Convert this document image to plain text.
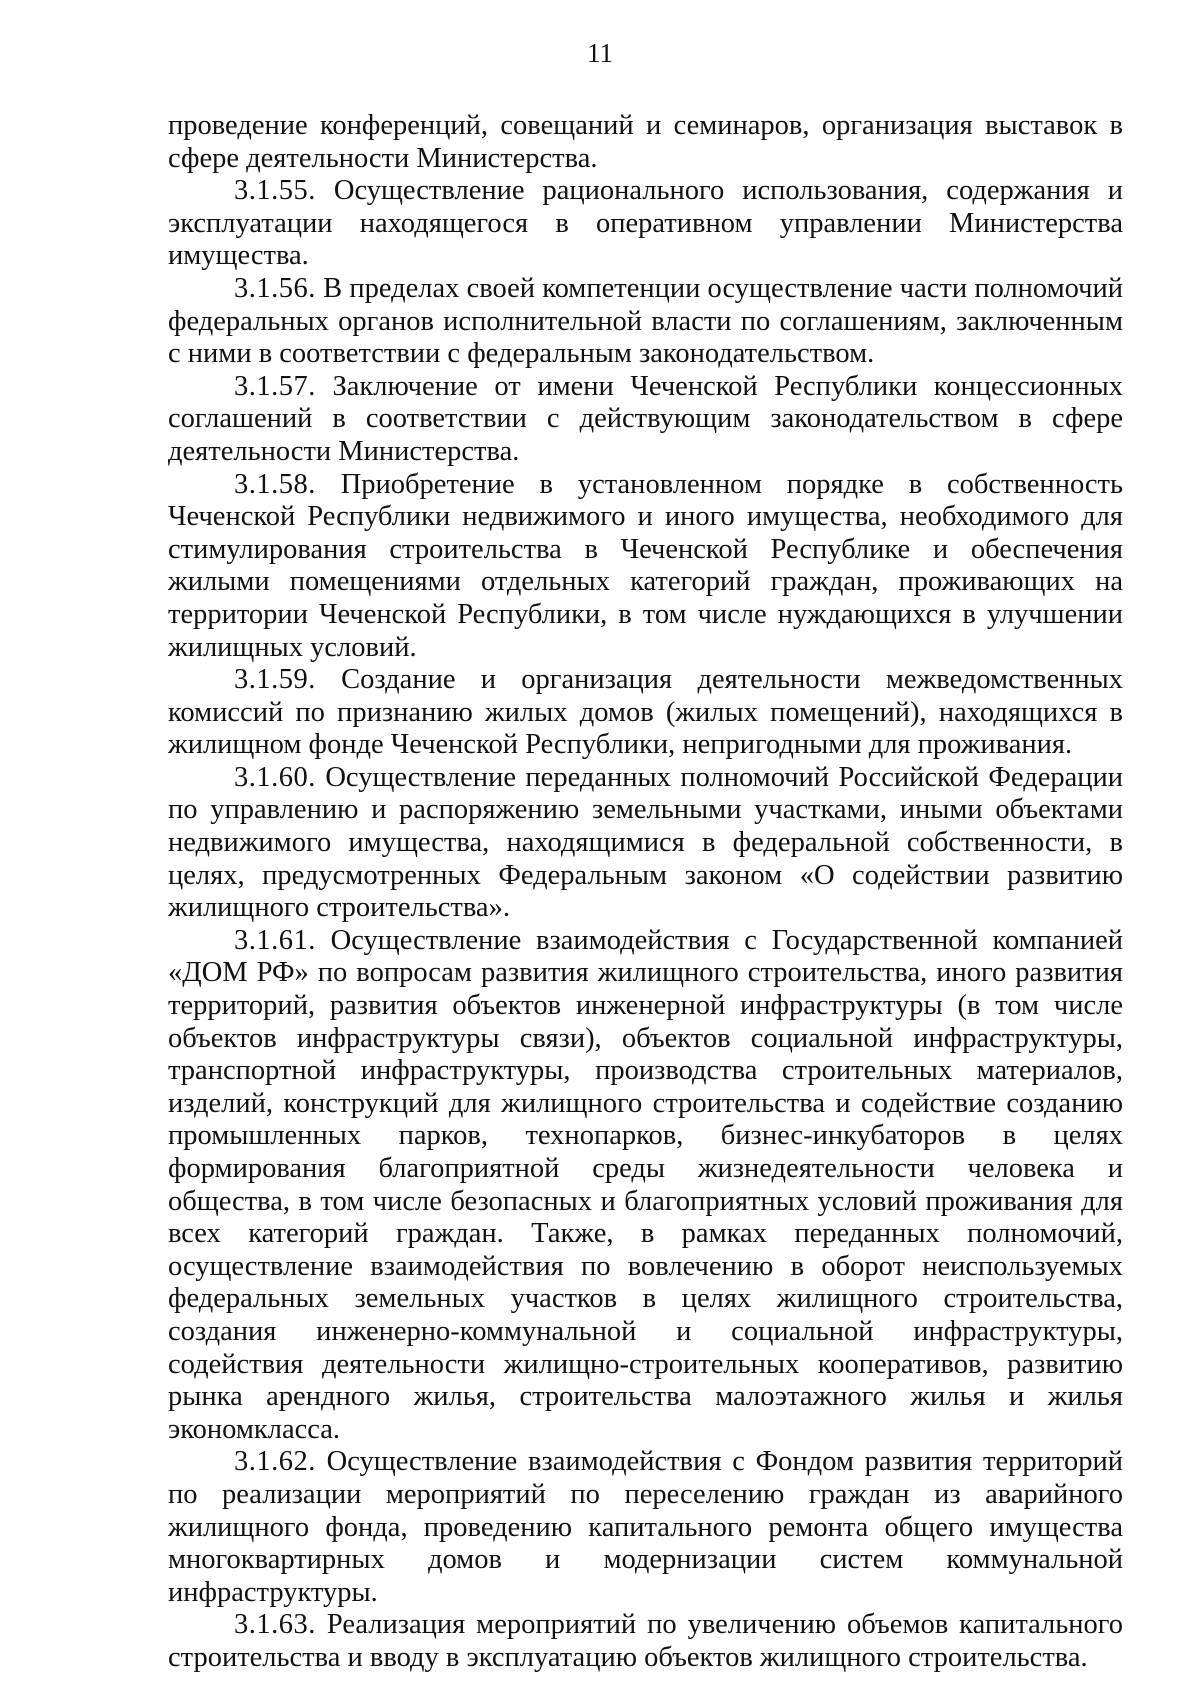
11

проведение конференций, совещаний и семинаров, организация выставок в сфере деятельности Министерства.

3.1.55. Осуществление рационального использования, содержания и эксплуатации находящегося в оперативном управлении Министерства имущества.

3.1.56. В пределах своей компетенции осуществление части полномочий федеральных органов исполнительной власти по соглашениям, заключенным с ними в соответствии с федеральным законодательством.

3.1.57. Заключение от имени Чеченской Республики концессионных соглашений в соответствии с действующим законодательством в сфере деятельности Министерства.

3.1.58. Приобретение в установленном порядке в собственность Чеченской Республики недвижимого и иного имущества, необходимого для стимулирования строительства в Чеченской Республике и обеспечения жилыми помещениями отдельных категорий граждан, проживающих на территории Чеченской Республики, в том числе нуждающихся в улучшении жилищных условий.

3.1.59. Создание и организация деятельности межведомственных комиссий по признанию жилых домов (жилых помещений), находящихся в жилищном фонде Чеченской Республики, непригодными для проживания.

3.1.60. Осуществление переданных полномочий Российской Федерации по управлению и распоряжению земельными участками, иными объектами недвижимого имущества, находящимися в федеральной собственности, в целях, предусмотренных Федеральным законом «О содействии развитию жилищного строительства».

3.1.61. Осуществление взаимодействия с Государственной компанией «ДОМ РФ» по вопросам развития жилищного строительства, иного развития территорий, развития объектов инженерной инфраструктуры (в том числе объектов инфраструктуры связи), объектов социальной инфраструктуры, транспортной инфраструктуры, производства строительных материалов, изделий, конструкций для жилищного строительства и содействие созданию промышленных парков, технопарков, бизнес-инкубаторов в целях формирования благоприятной среды жизнедеятельности человека и общества, в том числе безопасных и благоприятных условий проживания для всех категорий граждан. Также, в рамках переданных полномочий, осуществление взаимодействия по вовлечению в оборот неиспользуемых федеральных земельных участков в целях жилищного строительства, создания инженерно-коммунальной и социальной инфраструктуры, содействия деятельности жилищно-строительных кооперативов, развитию рынка арендного жилья, строительства малоэтажного жилья и жилья экономкласса.

3.1.62. Осуществление взаимодействия с Фондом развития территорий по реализации мероприятий по переселению граждан из аварийного жилищного фонда, проведению капитального ремонта общего имущества многоквартирных домов и модернизации систем коммунальной инфраструктуры.

3.1.63. Реализация мероприятий по увеличению объемов капитального строительства и вводу в эксплуатацию объектов жилищного строительства.
